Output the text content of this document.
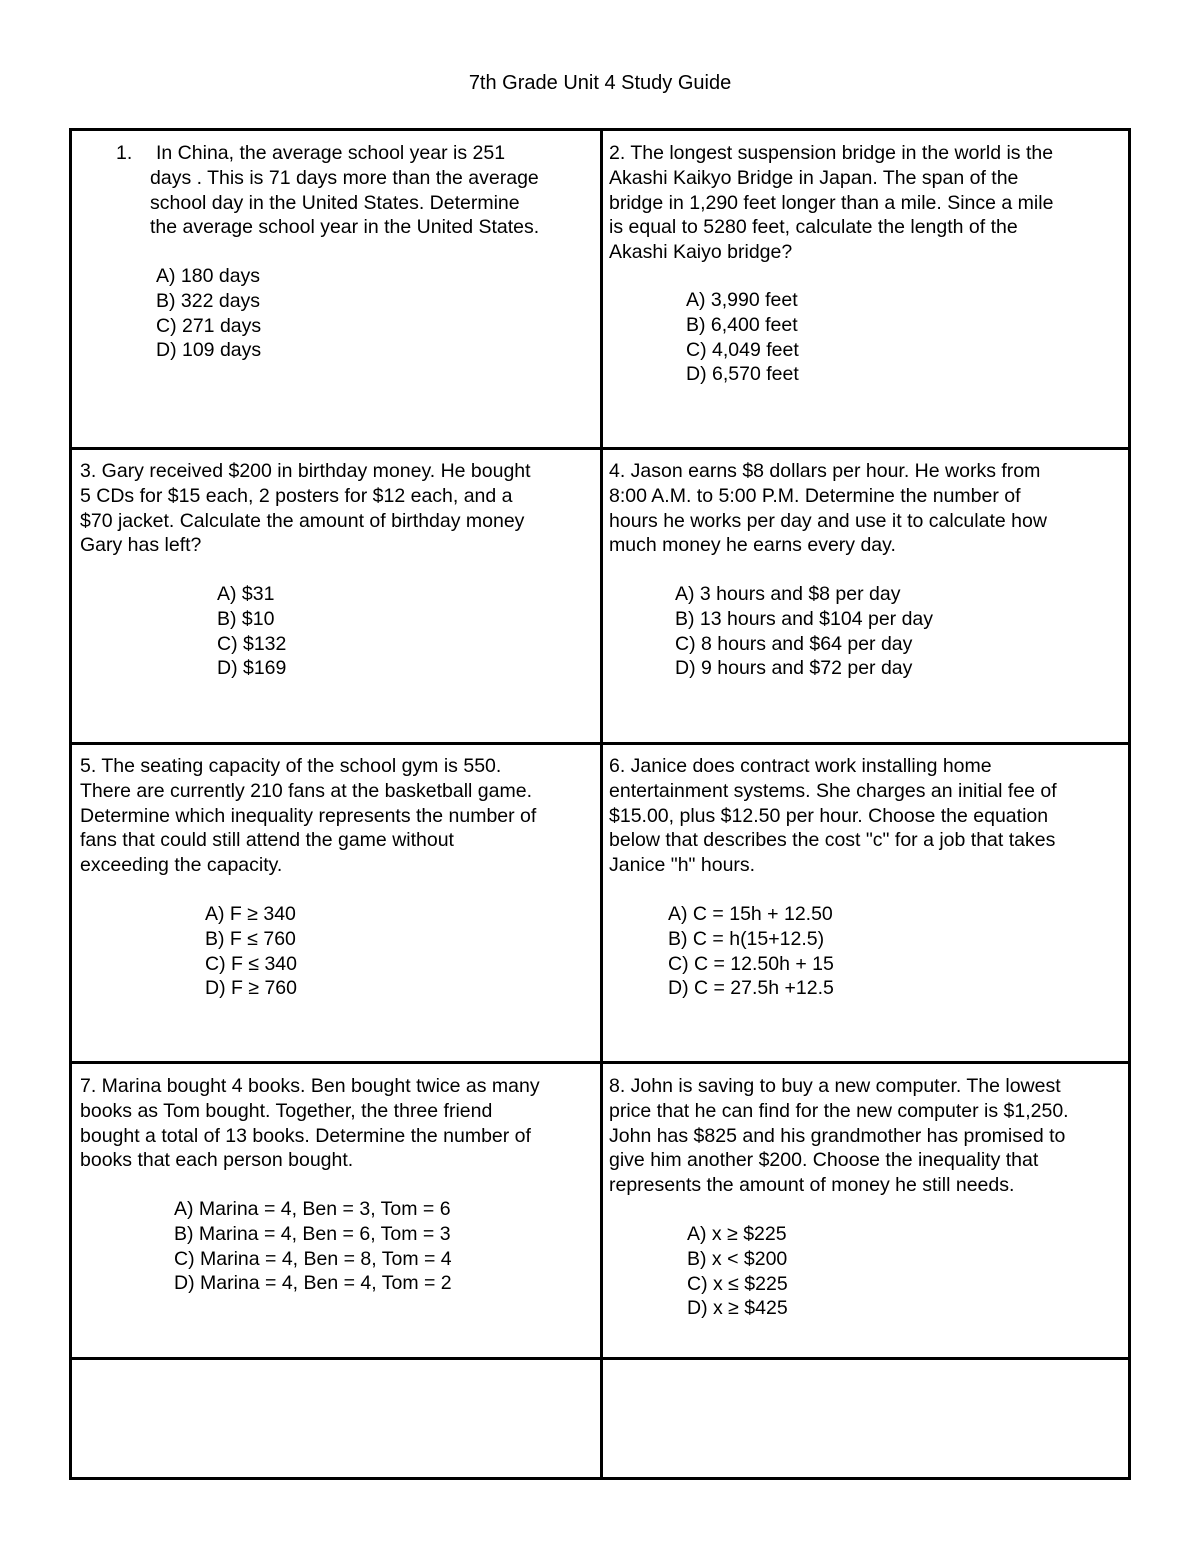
7th Grade Unit 4 Study Guide
1.	In China, the average school year is 251

days . This is 71 days more than the average

school day in the United States. Determine

the average school year in the United States.

A) 180 days
B) 322 days
C) 271 days
D) 109 days

2. The longest suspension bridge in the world is the

Akashi Kaikyo Bridge in Japan. The span of the

bridge in 1,290 feet longer than a mile. Since a mile

is equal to 5280 feet, calculate the length of the

Akashi Kaiyo bridge?

A) 3,990 feet
B) 6,400 feet
C) 4,049 feet
D) 6,570 feet

3. Gary received $200 in birthday money. He bought

5 CDs for $15 each, 2 posters for $12 each, and a

$70 jacket. Calculate the amount of birthday money

Gary has left?

A) $31
B) $10
C) $132
D) $169

4. Jason earns $8 dollars per hour. He works from

8:00 A.M. to 5:00 P.M. Determine the number of

hours he works per day and use it to calculate how

much money he earns every day.

A) 3 hours and $8 per day
B) 13 hours and $104 per day
C) 8 hours and $64 per day
D) 9 hours and $72 per day

5. The seating capacity of the school gym is 550.

There are currently 210 fans at the basketball game.

Determine which inequality represents the number of

fans that could still attend the game without

exceeding the capacity.

A) F ≥ 340
B) F ≤ 760
C) F ≤ 340
D) F ≥ 760

6. Janice does contract work installing home

entertainment systems. She charges an initial fee of

$15.00, plus $12.50 per hour. Choose the equation

below that describes the cost "c" for a job that takes

Janice "h" hours.

A) C = 15h + 12.50
B) C = h(15+12.5)
C) C = 12.50h + 15
D) C = 27.5h +12.5

7. Marina bought 4 books. Ben bought twice as many

books as Tom bought. Together, the three friend

bought a total of 13 books. Determine the number of

books that each person bought.

A) Marina = 4, Ben = 3, Tom = 6
B) Marina = 4, Ben = 6, Tom = 3
C) Marina = 4, Ben = 8, Tom = 4
D) Marina = 4, Ben = 4, Tom = 2

8. John is saving to buy a new computer. The lowest

price that he can find for the new computer is $1,250.

John has $825 and his grandmother has promised to

give him another $200. Choose the inequality that

represents the amount of money he still needs.

A) x ≥ $225
B) x < $200
C) x ≤ $225
D) x ≥ $425
